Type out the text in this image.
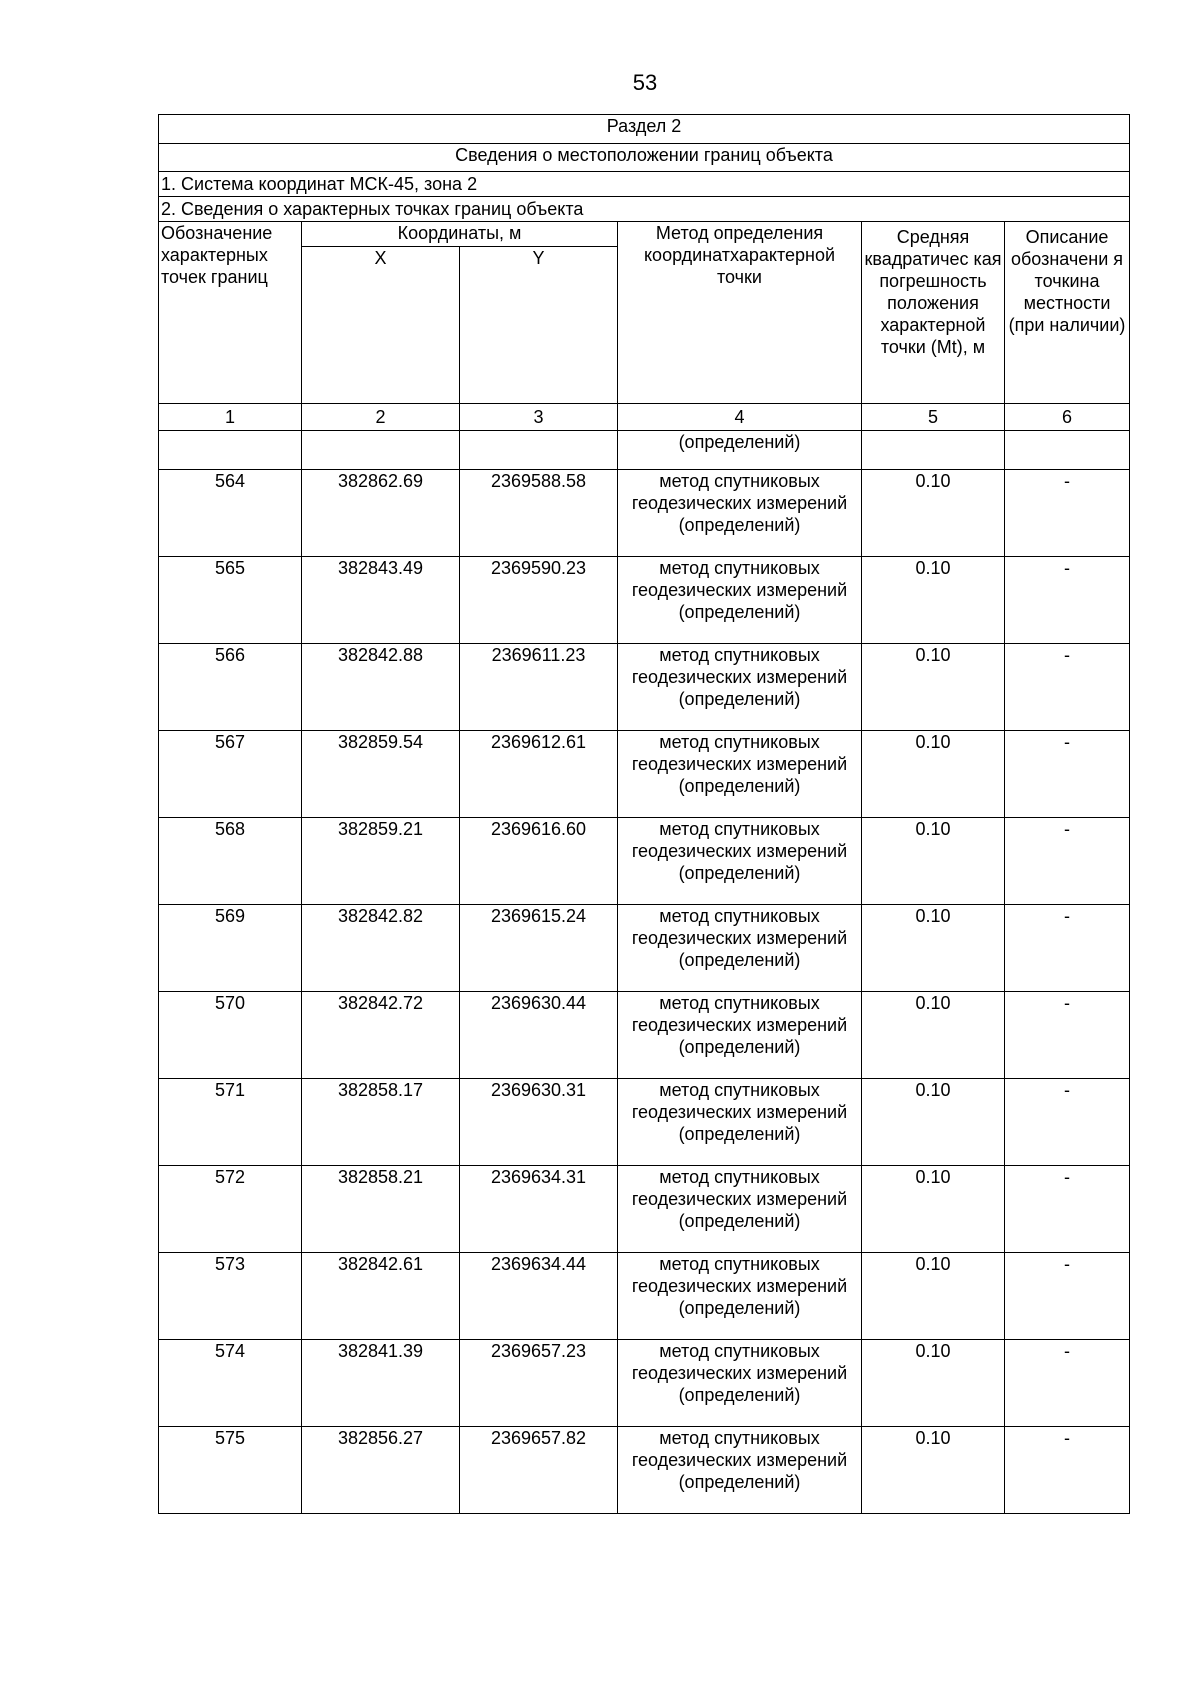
53
Раздел 2					
Сведения о местоположении границ объекта					
1. Система координат МСК-45, зона 2					
2. Сведения о характерных точках границ объекта					
Обозначение характерных точек границ	Координаты, м		Метод определения координатхарактерной точки	Средняя квадратичес кая погрешность положения характерной точки (Mt), м	Описание обозначени я точкина местности (при наличии)
	X	Y			
1	2	3	4	5	6
			(определений)		
564	382862.69	2369588.58	метод спутниковых геодезических измерений (определений)	0.10	-
565	382843.49	2369590.23	метод спутниковых геодезических измерений (определений)	0.10	-
566	382842.88	2369611.23	метод спутниковых геодезических измерений (определений)	0.10	-
567	382859.54	2369612.61	метод спутниковых геодезических измерений (определений)	0.10	-
568	382859.21	2369616.60	метод спутниковых геодезических измерений (определений)	0.10	-
569	382842.82	2369615.24	метод спутниковых геодезических измерений (определений)	0.10	-
570	382842.72	2369630.44	метод спутниковых геодезических измерений (определений)	0.10	-
571	382858.17	2369630.31	метод спутниковых геодезических измерений (определений)	0.10	-
572	382858.21	2369634.31	метод спутниковых геодезических измерений (определений)	0.10	-
573	382842.61	2369634.44	метод спутниковых геодезических измерений (определений)	0.10	-
574	382841.39	2369657.23	метод спутниковых геодезических измерений (определений)	0.10	-
575	382856.27	2369657.82	метод спутниковых геодезических измерений (определений)	0.10	-
